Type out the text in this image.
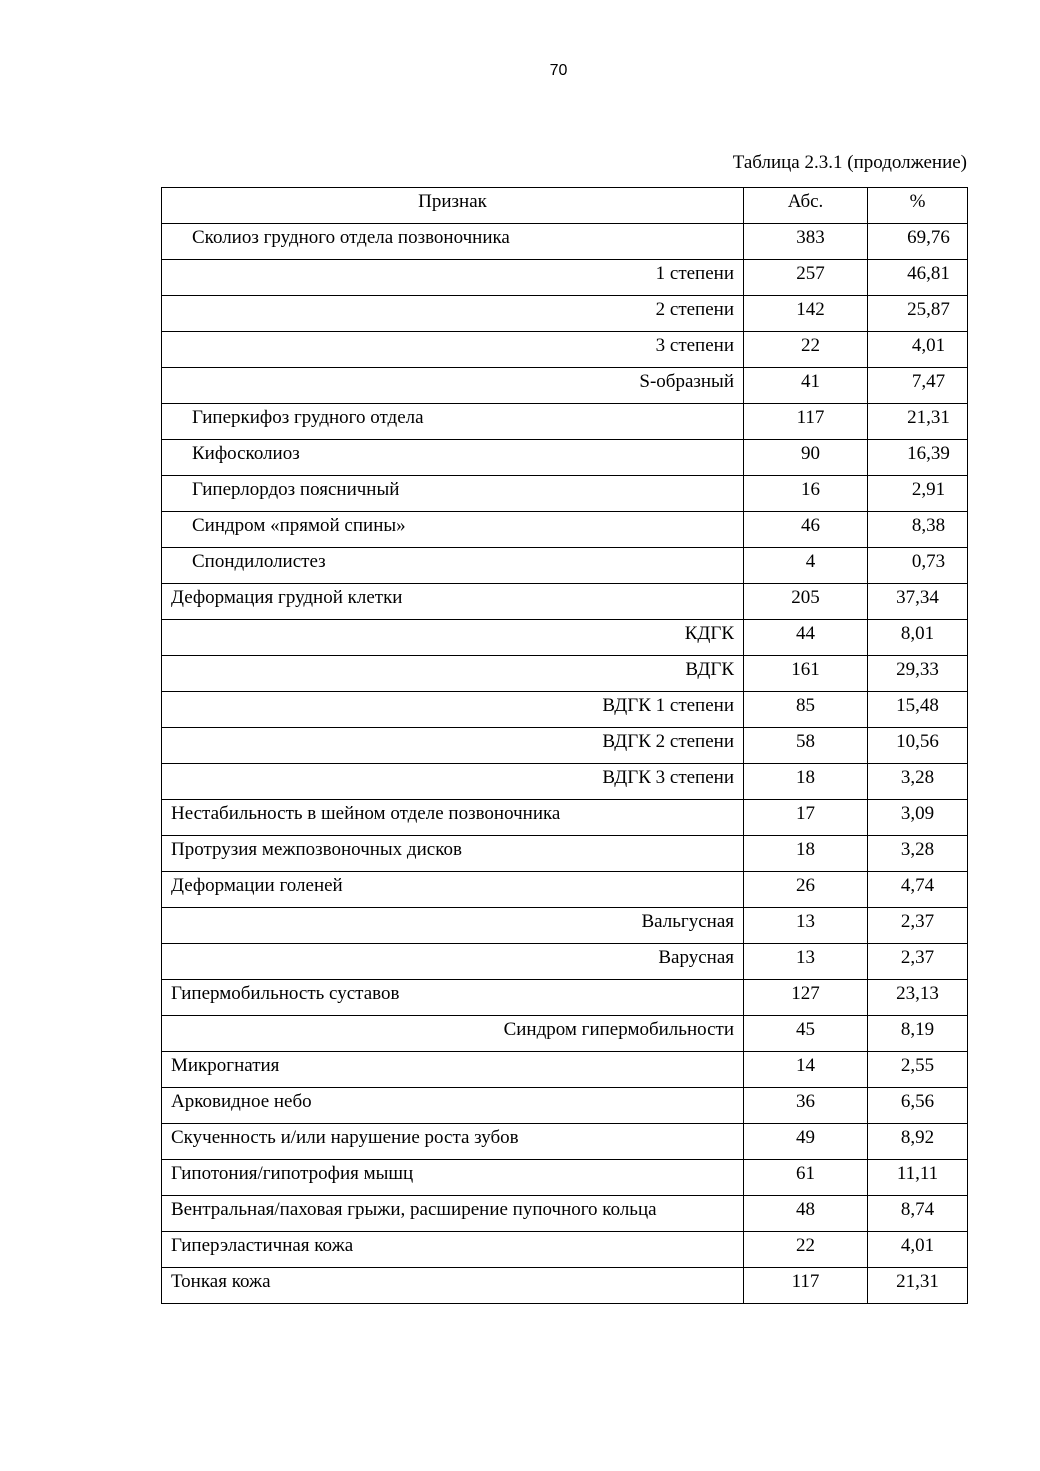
70
Таблица 2.3.1 (продолжение)
Признак	Абс.	%
Сколиоз грудного отдела позвоночника	383	69,76
1 степени	257	46,81
2 степени	142	25,87
3 степени	22	4,01
S-образный	41	7,47
Гиперкифоз грудного отдела	117	21,31
Кифосколиоз	90	16,39
Гиперлордоз поясничный	16	2,91
Синдром «прямой спины»	46	8,38
Спондилолистез	4	0,73
Деформация грудной клетки	205	37,34
КДГК	44	8,01
ВДГК	161	29,33
ВДГК 1 степени	85	15,48
ВДГК 2 степени	58	10,56
ВДГК 3 степени	18	3,28
Нестабильность в шейном отделе позвоночника	17	3,09
Протрузия межпозвоночных дисков	18	3,28
Деформации голеней	26	4,74
Вальгусная	13	2,37
Варусная	13	2,37
Гипермобильность суставов	127	23,13
Синдром гипермобильности	45	8,19
Микрогнатия	14	2,55
Арковидное небо	36	6,56
Скученность и/или нарушение роста зубов	49	8,92
Гипотония/гипотрофия мышц	61	11,11
Вентральная/паховая грыжи, расширение пупочного кольца	48	8,74
Гиперэластичная кожа	22	4,01
Тонкая кожа	117	21,31
